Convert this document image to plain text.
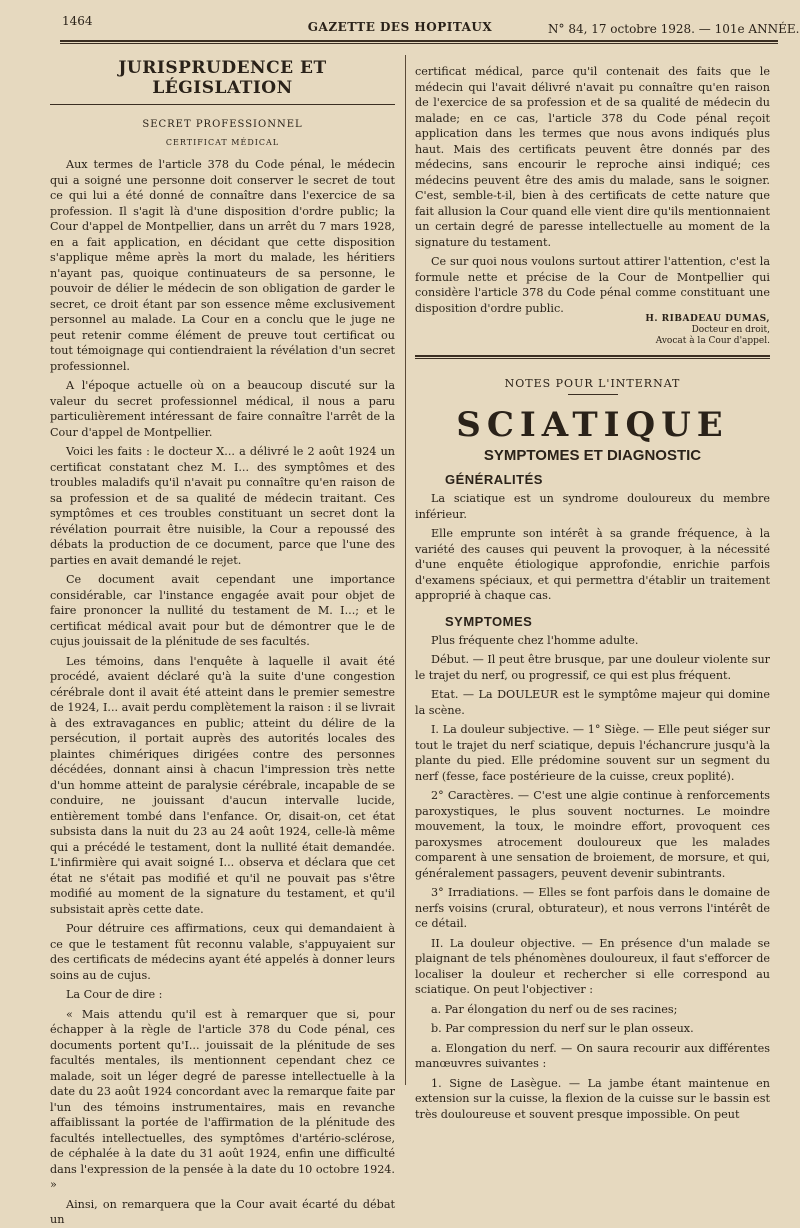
1464	GAZETTE DES HOPITAUX	N° 84, 17 octobre 1928. — 101e ANNÉE.
JURISPRUDENCE ET LÉGISLATION
SECRET PROFESSIONNEL
CERTIFICAT MÉDICAL

Aux termes de l'article 378 du Code pénal, le médecin qui a soigné une personne doit conserver le secret de tout ce qui lui a été donné de connaître dans l'exercice de sa profession. Il s'agit là d'une disposition d'ordre public; la Cour d'appel de Montpellier, dans un arrêt du 7 mars 1928, en a fait application, en décidant que cette disposition s'applique même après la mort du malade, les héritiers n'ayant pas, quoique continuateurs de sa personne, le pouvoir de délier le médecin de son obligation de garder le secret, ce droit étant par son essence même exclusivement personnel au malade. La Cour en a conclu que le juge ne peut retenir comme élément de preuve tout certificat ou tout témoignage qui contiendraient la révélation d'un secret professionnel.

A l'époque actuelle où on a beaucoup discuté sur la valeur du secret professionnel médical, il nous a paru particulièrement intéressant de faire connaître l'arrêt de la Cour d'appel de Montpellier.

Voici les faits : le docteur X... a délivré le 2 août 1924 un certificat constatant chez M. I... des symptômes et des troubles maladifs qu'il n'avait pu connaître qu'en raison de sa profession et de sa qualité de médecin traitant. Ces symptômes et ces troubles constituant un secret dont la révélation pourrait être nuisible, la Cour a repoussé des débats la production de ce document, parce que l'une des parties en avait demandé le rejet.

Ce document avait cependant une importance considérable, car l'instance engagée avait pour objet de faire prononcer la nullité du testament de M. I...; et le certificat médical avait pour but de démontrer que le de cujus jouissait de la plénitude de ses facultés.

Les témoins, dans l'enquête à laquelle il avait été procédé, avaient déclaré qu'à la suite d'une congestion cérébrale dont il avait été atteint dans le premier semestre de 1924, I... avait perdu complètement la raison : il se livrait à des extravagances en public; atteint du délire de la persécution, il portait auprès des autorités locales des plaintes chimériques dirigées contre des personnes décédées, donnant ainsi à chacun l'impression très nette d'un homme atteint de paralysie cérébrale, incapable de se conduire, ne jouissant d'aucun intervalle lucide, entièrement tombé dans l'enfance. Or, disait-on, cet état subsista dans la nuit du 23 au 24 août 1924, celle-là même qui a précédé le testament, dont la nullité était demandée. L'infirmière qui avait soigné I... observa et déclara que cet état ne s'était pas modifié et qu'il ne pouvait pas s'être modifié au moment de la signature du testament, et qu'il subsistait après cette date.

Pour détruire ces affirmations, ceux qui demandaient à ce que le testament fût reconnu valable, s'appuyaient sur des certificats de médecins ayant été appelés à donner leurs soins au de cujus.

La Cour de dire :

« Mais attendu qu'il est à remarquer que si, pour échapper à la règle de l'article 378 du Code pénal, ces documents portent qu'I... jouissait de la plénitude de ses facultés mentales, ils mentionnent cependant chez ce malade, soit un léger degré de paresse intellectuelle à la date du 23 août 1924 concordant avec la remarque faite par l'un des témoins instrumentaires, mais en revanche affaiblissant la portée de l'affirmation de la plénitude des facultés intellectuelles, des symptômes d'artério-sclérose, de céphalée à la date du 31 août 1924, enfin une difficulté dans l'expression de la pensée à la date du 10 octobre 1924. »

Ainsi, on remarquera que la Cour avait écarté du débat un

certificat médical, parce qu'il contenait des faits que le médecin qui l'avait délivré n'avait pu connaître qu'en raison de l'exercice de sa profession et de sa qualité de médecin du malade; en ce cas, l'article 378 du Code pénal reçoit application dans les termes que nous avons indiqués plus haut. Mais des certificats peuvent être donnés par des médecins, sans encourir le reproche ainsi indiqué; ces médecins peuvent être des amis du malade, sans le soigner. C'est, semble-t-il, bien à des certificats de cette nature que fait allusion la Cour quand elle vient dire qu'ils mentionnaient un certain degré de paresse intellectuelle au moment de la signature du testament.

Ce sur quoi nous voulons surtout attirer l'attention, c'est la formule nette et précise de la Cour de Montpellier qui considère l'article 378 du Code pénal comme constituant une disposition d'ordre public.

H. RIBADEAU DUMAS,
Docteur en droit,
Avocat à la Cour d'appel.
NOTES POUR L'INTERNAT
SCIATIQUE
SYMPTOMES ET DIAGNOSTIC
GÉNÉRALITÉS

La sciatique est un syndrome douloureux du membre inférieur.

Elle emprunte son intérêt à sa grande fréquence, à la variété des causes qui peuvent la provoquer, à la nécessité d'une enquête étiologique approfondie, enrichie parfois d'examens spéciaux, et qui permettra d'établir un traitement approprié à chaque cas.

SYMPTOMES

Plus fréquente chez l'homme adulte.

Début. — Il peut être brusque, par une douleur violente sur le trajet du nerf, ou progressif, ce qui est plus fréquent.

Etat. — La DOULEUR est le symptôme majeur qui domine la scène.

I. La douleur subjective. — 1° Siège. — Elle peut siéger sur tout le trajet du nerf sciatique, depuis l'échancrure jusqu'à la plante du pied. Elle prédomine souvent sur un segment du nerf (fesse, face postérieure de la cuisse, creux poplité).

2° Caractères. — C'est une algie continue à renforcements paroxystiques, le plus souvent nocturnes. Le moindre mouvement, la toux, le moindre effort, provoquent ces paroxysmes atrocement douloureux que les malades comparent à une sensation de broiement, de morsure, et qui, généralement passagers, peuvent devenir subintrants.

3° Irradiations. — Elles se font parfois dans le domaine de nerfs voisins (crural, obturateur), et nous verrons l'intérêt de ce détail.

II. La douleur objective. — En présence d'un malade se plaignant de tels phénomènes douloureux, il faut s'efforcer de localiser la douleur et rechercher si elle correspond au sciatique. On peut l'objectiver :

a. Par élongation du nerf ou de ses racines;

b. Par compression du nerf sur le plan osseux.

a. Elongation du nerf. — On saura recourir aux différentes manœuvres suivantes :

1. Signe de Lasègue. — La jambe étant maintenue en extension sur la cuisse, la flexion de la cuisse sur le bassin est très douloureuse et souvent presque impossible. On peut
